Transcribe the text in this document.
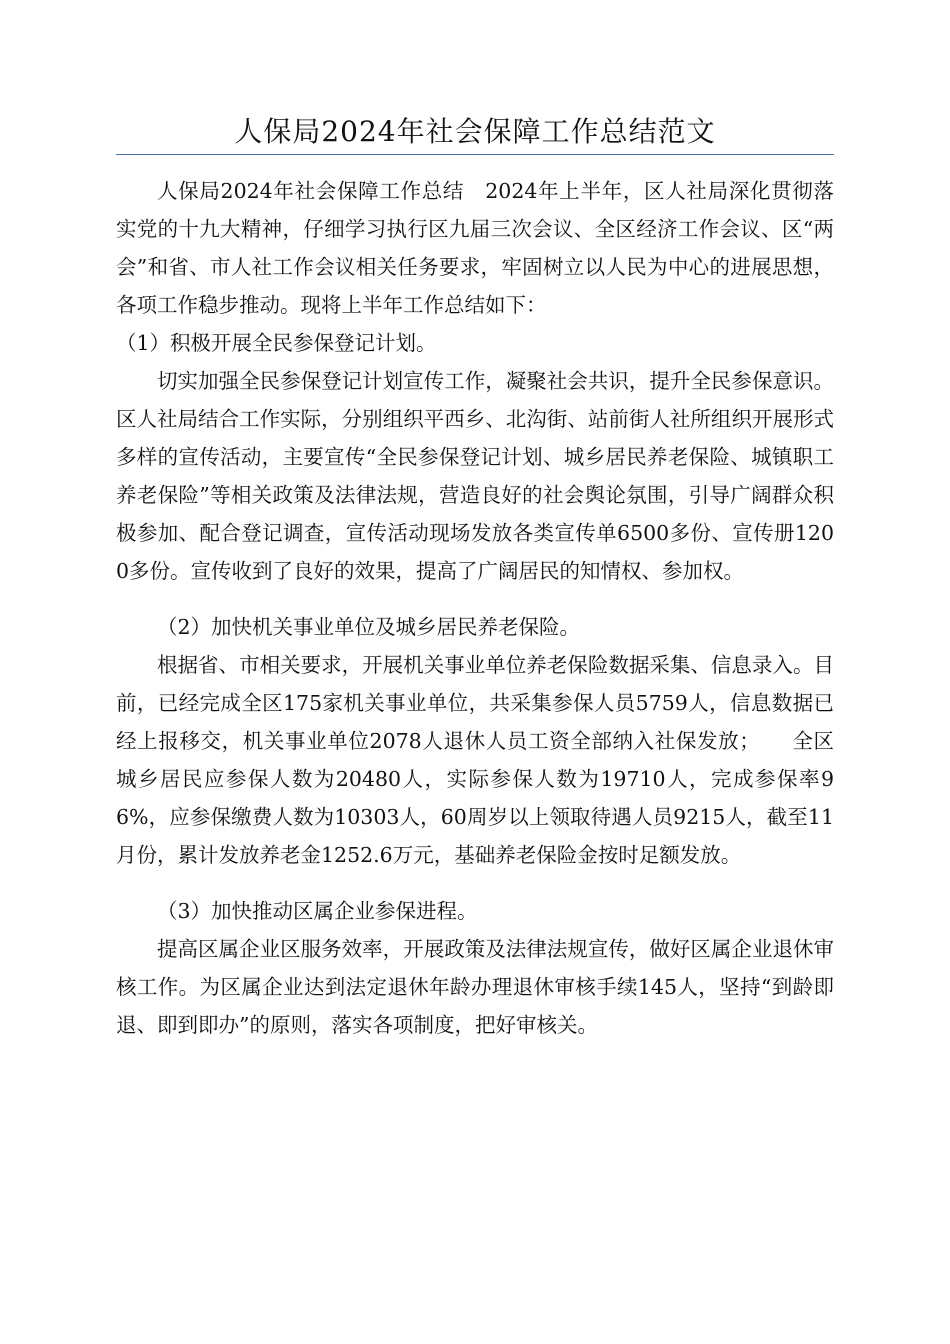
人保局2024年社会保障工作总结范文

人保局2024年社会保障工作总结　2024年上半年，区人社局深化贯彻落实党的十九大精神，仔细学习执行区九届三次会议、全区经济工作会议、区“两会”和省、市人社工作会议相关任务要求，牢固树立以人民为中心的进展思想，各项工作稳步推动。现将上半年工作总结如下：

（1）积极开展全民参保登记计划。

切实加强全民参保登记计划宣传工作，凝聚社会共识，提升全民参保意识。区人社局结合工作实际，分别组织平西乡、北沟街、站前街人社所组织开展形式多样的宣传活动，主要宣传“全民参保登记计划、城乡居民养老保险、城镇职工养老保险”等相关政策及法律法规，营造良好的社会舆论氛围，引导广阔群众积极参加、配合登记调查，宣传活动现场发放各类宣传单6500多份、宣传册1200多份。宣传收到了良好的效果，提高了广阔居民的知情权、参加权。

（2）加快机关事业单位及城乡居民养老保险。

根据省、市相关要求，开展机关事业单位养老保险数据采集、信息录入。目前，已经完成全区175家机关事业单位，共采集参保人员5759人，信息数据已经上报移交，机关事业单位2078人退休人员工资全部纳入社保发放；　　全区城乡居民应参保人数为20480人，实际参保人数为19710人，完成参保率96%，应参保缴费人数为10303人，60周岁以上领取待遇人员9215人，截至11月份，累计发放养老金1252.6万元，基础养老保险金按时足额发放。

（3）加快推动区属企业参保进程。

提高区属企业区服务效率，开展政策及法律法规宣传，做好区属企业退休审核工作。为区属企业达到法定退休年龄办理退休审核手续145人，坚持“到龄即退、即到即办”的原则，落实各项制度，把好审核关。
